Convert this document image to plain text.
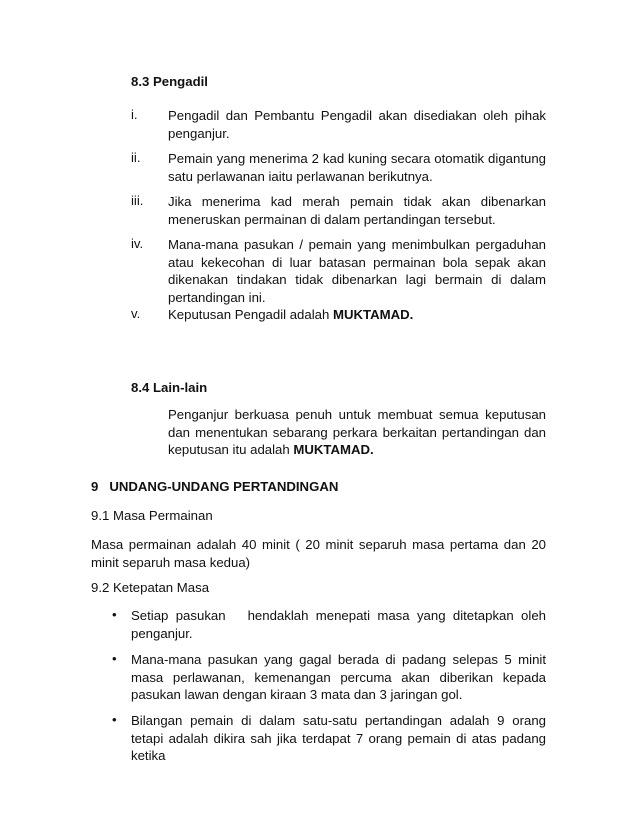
8.3 Pengadil
i. Pengadil dan Pembantu Pengadil akan disediakan oleh pihak penganjur.
ii. Pemain yang menerima 2 kad kuning secara otomatik digantung satu perlawanan iaitu perlawanan berikutnya.
iii. Jika menerima kad merah pemain tidak akan dibenarkan meneruskan permainan di dalam pertandingan tersebut.
iv. Mana-mana pasukan / pemain yang menimbulkan pergaduhan atau kekecohan di luar batasan permainan bola sepak akan dikenakan tindakan tidak dibenarkan lagi bermain di dalam pertandingan ini.
v. Keputusan Pengadil adalah MUKTAMAD.
8.4 Lain-lain
Penganjur berkuasa penuh untuk membuat semua keputusan dan menentukan sebarang perkara berkaitan pertandingan dan keputusan itu adalah MUKTAMAD.
9   UNDANG-UNDANG PERTANDINGAN
9.1 Masa Permainan
Masa permainan adalah 40 minit ( 20 minit separuh masa pertama dan 20 minit separuh masa kedua)
9.2 Ketepatan Masa
• Setiap pasukan   hendaklah menepati masa yang ditetapkan oleh penganjur.
• Mana-mana pasukan yang gagal berada di padang selepas 5 minit masa perlawanan, kemenangan percuma akan diberikan kepada pasukan lawan dengan kiraan 3 mata dan 3 jaringan gol.
• Bilangan pemain di dalam satu-satu pertandingan adalah 9 orang tetapi adalah dikira sah jika terdapat 7 orang pemain di atas padang ketika
